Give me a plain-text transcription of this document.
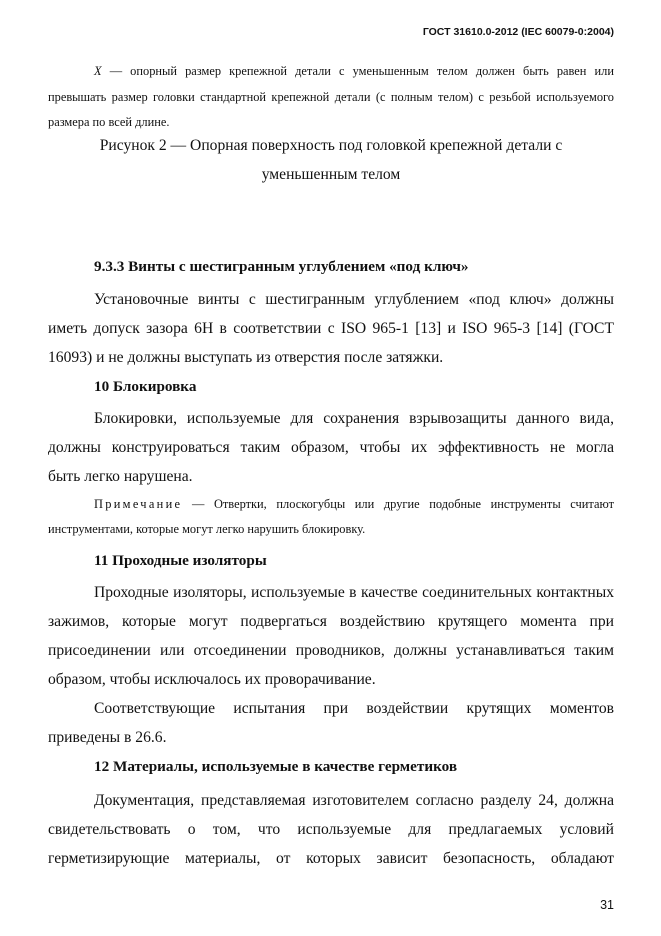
ГОСТ 31610.0-2012 (IEC 60079-0:2004)
X — опорный размер крепежной детали с уменьшенным телом должен быть равен или
превышать размер головки стандартной крепежной детали (с полным телом) с резьбой используемого
размера по всей длине.
Рисунок 2 — Опорная поверхность под головкой крепежной детали с
уменьшенным телом
9.3.3 Винты с шестигранным углублением «под ключ»
Установочные винты с шестигранным углублением «под ключ» должны
иметь допуск зазора 6H в соответствии с ISO 965-1 [13] и ISO 965-3 [14] (ГОСТ
16093) и не должны выступать из отверстия после затяжки.
10 Блокировка
Блокировки, используемые для сохранения взрывозащиты данного вида,
должны конструироваться таким образом, чтобы их эффективность не могла
быть легко нарушена.
Примечание — Отвертки, плоскогубцы или другие подобные инструменты считают
инструментами, которые могут легко нарушить блокировку.
11 Проходные изоляторы
Проходные изоляторы, используемые в качестве соединительных контактных
зажимов, которые могут подвергаться воздействию крутящего момента при
присоединении или отсоединении проводников, должны устанавливаться таким
образом, чтобы исключалось их проворачивание.
Соответствующие испытания при воздействии крутящих моментов
приведены в 26.6.
12 Материалы, используемые в качестве герметиков
Документация, представляемая изготовителем согласно разделу 24, должна
свидетельствовать о том, что используемые для предлагаемых условий
герметизирующие материалы, от которых зависит безопасность, обладают
31
